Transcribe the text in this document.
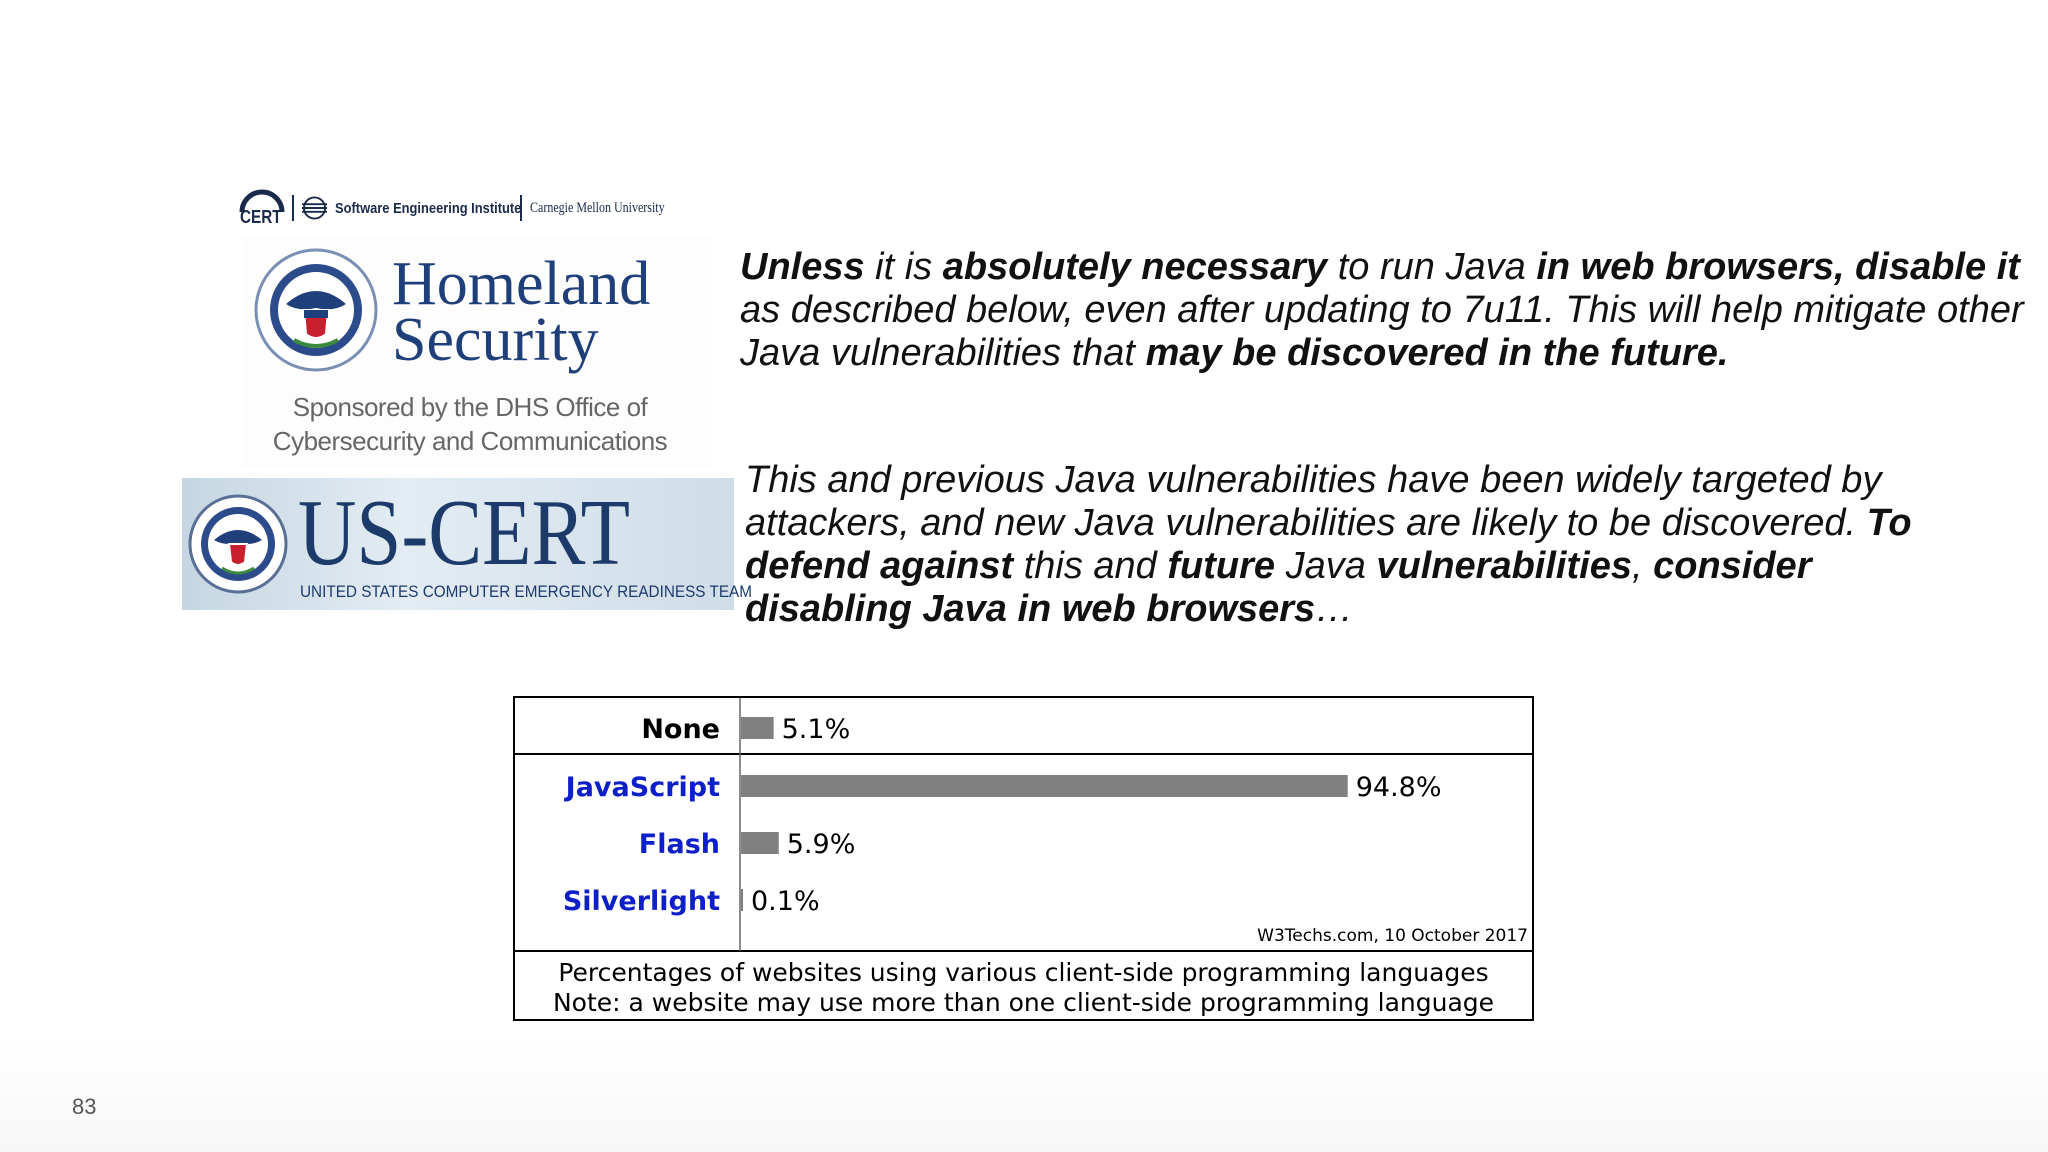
CERT	Software Engineering Institute Carnegie Mellon University
Homeland
Security
Sponsored by the DHS Office of
Cybersecurity and Communications
US-CERT
UNITED STATES COMPUTER EMERGENCY READINESS TEAM
Unless it is absolutely necessary to run Java in web browsers, disable it as described below, even after updating to 7u11. This will help mitigate other Java vulnerabilities that may be discovered in the future.
This and previous Java vulnerabilities have been widely targeted by attackers, and new Java vulnerabilities are likely to be discovered. To defend against this and future Java vulnerabilities, consider disabling Java in web browsers…
None 5.1%
JavaScript	94.8%
Flash 5.9%
Silverlight 0.1%
W3Techs.com, 10 October 2017
Percentages of websites using various client-side programming languages
Note: a website may use more than one client-side programming language
83
